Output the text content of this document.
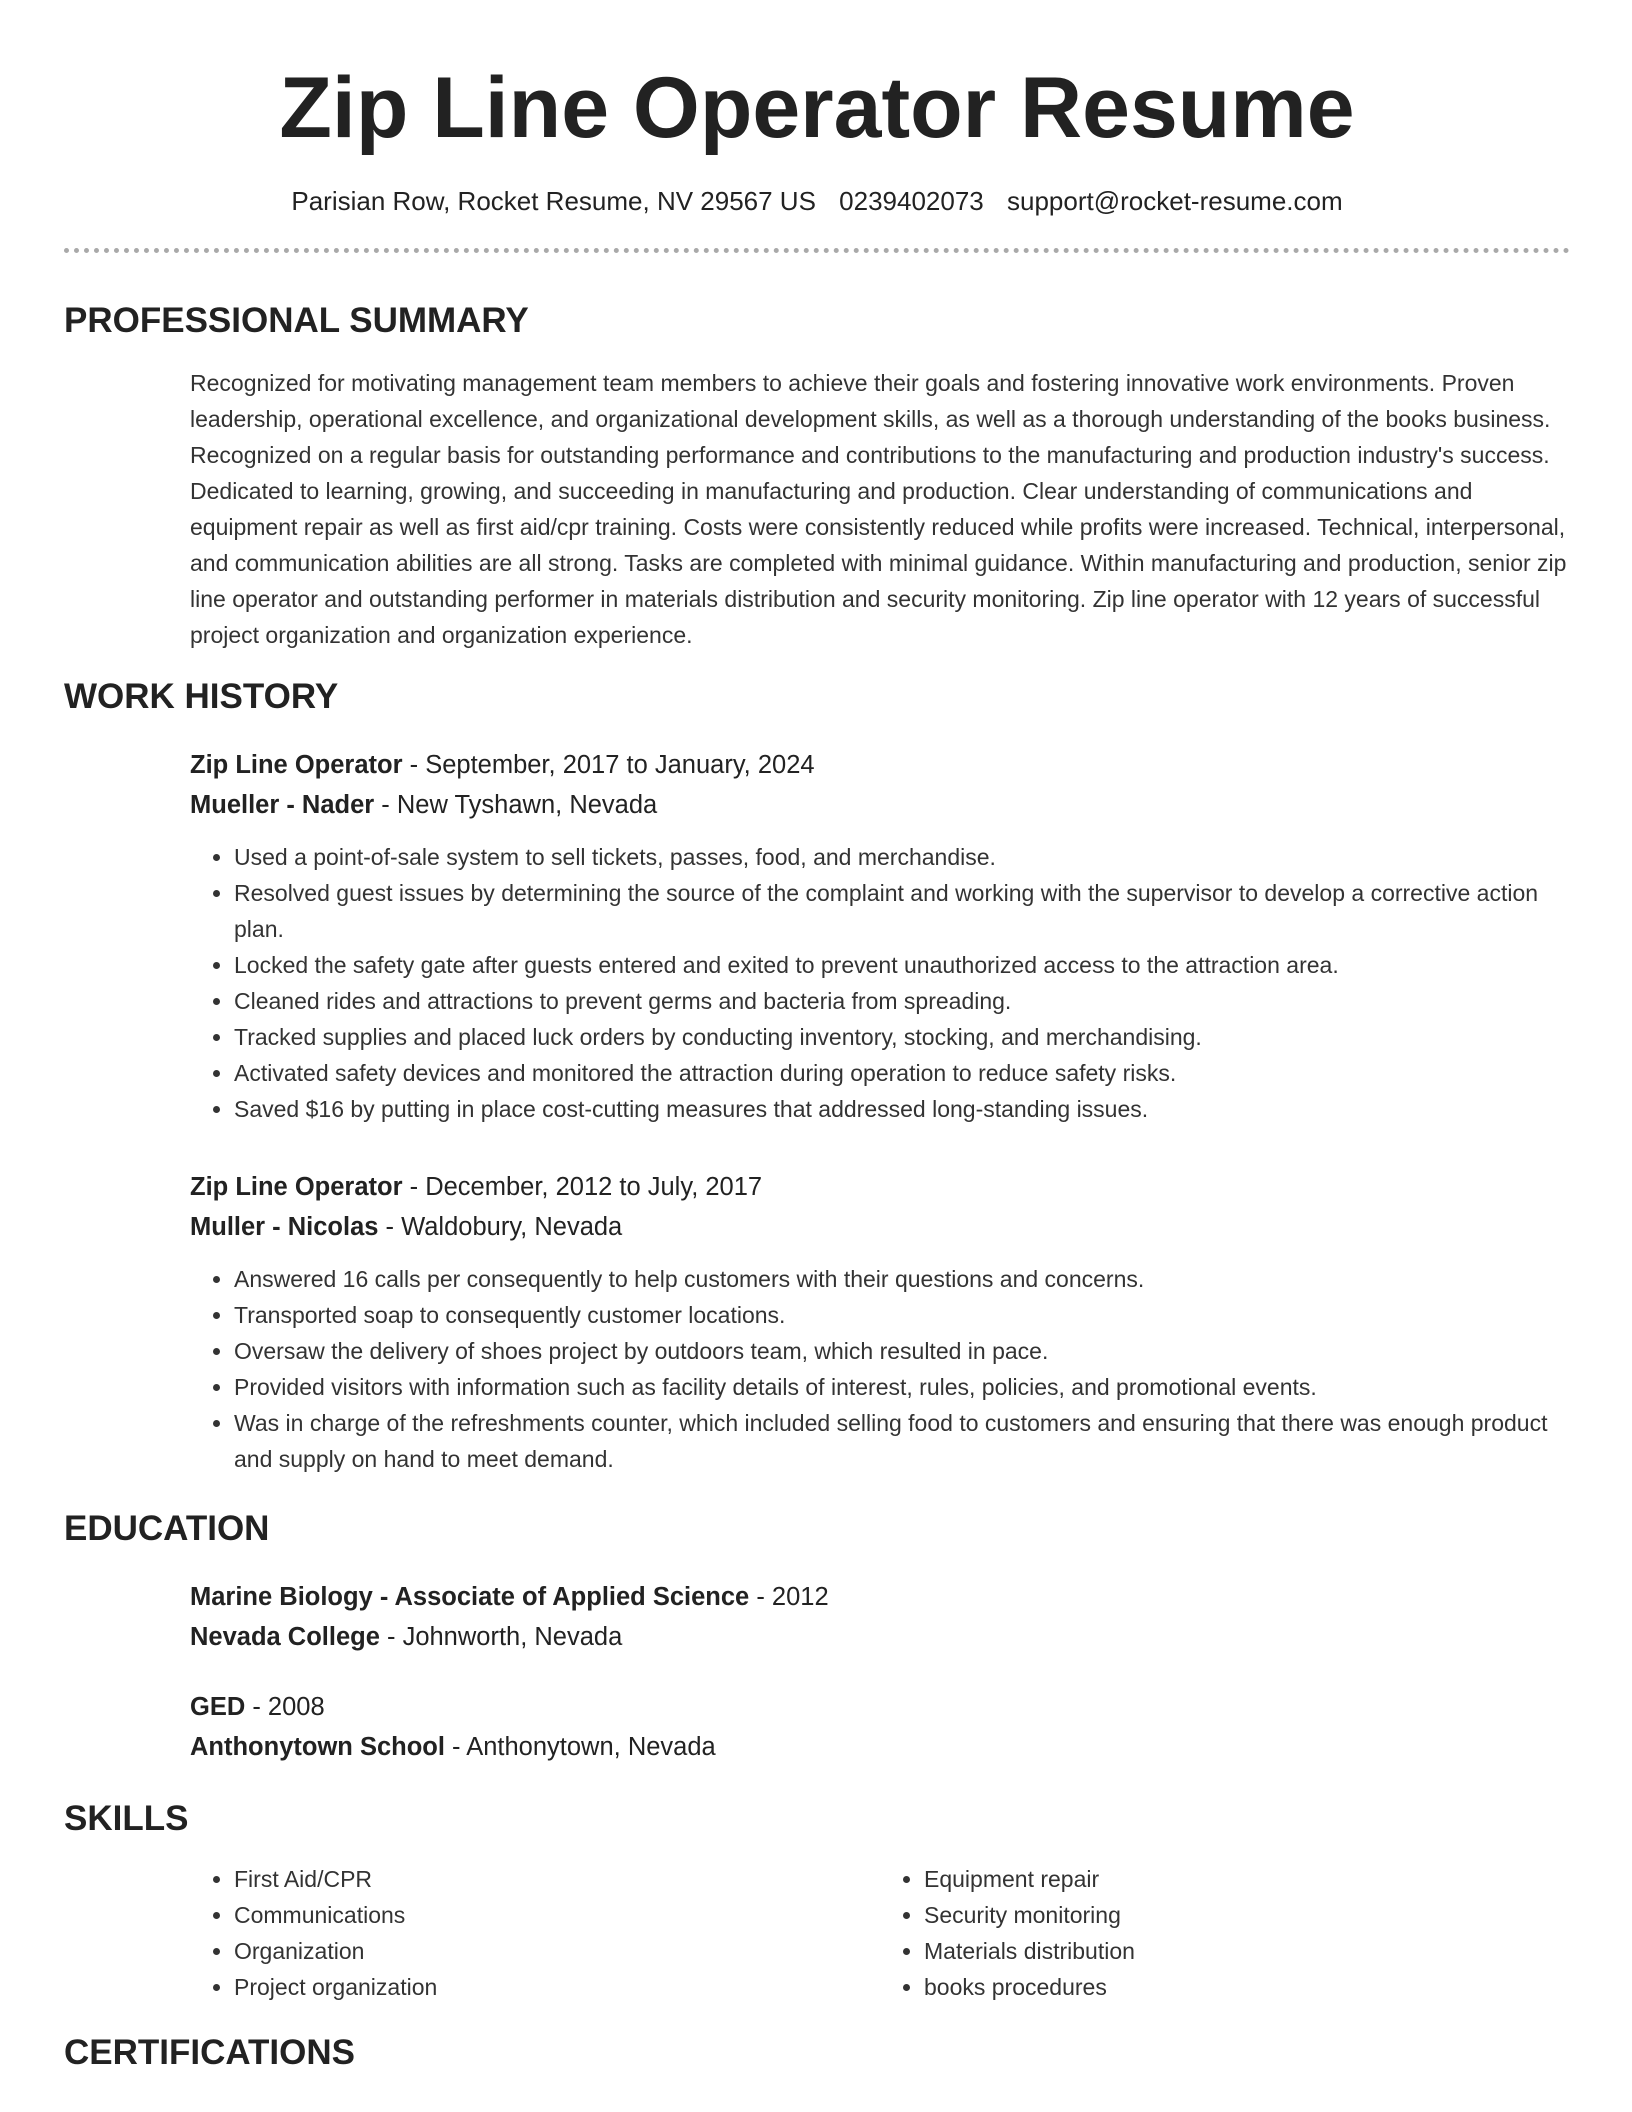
Zip Line Operator Resume
Parisian Row, Rocket Resume, NV 29567 US 0239402073 support@rocket-resume.com
PROFESSIONAL SUMMARY

Recognized for motivating management team members to achieve their goals and fostering innovative work environments. Proven leadership, operational excellence, and organizational development skills, as well as a thorough understanding of the books business. Recognized on a regular basis for outstanding performance and contributions to the manufacturing and production industry's success. Dedicated to learning, growing, and succeeding in manufacturing and production. Clear understanding of communications and equipment repair as well as first aid/cpr training. Costs were consistently reduced while profits were increased. Technical, interpersonal, and communication abilities are all strong. Tasks are completed with minimal guidance. Within manufacturing and production, senior zip line operator and outstanding performer in materials distribution and security monitoring. Zip line operator with 12 years of successful project organization and organization experience.

WORK HISTORY
Zip Line Operator - September, 2017 to January, 2024
Mueller - Nader - New Tyshawn, Nevada
• Used a point-of-sale system to sell tickets, passes, food, and merchandise.
• Resolved guest issues by determining the source of the complaint and working with the supervisor to develop a corrective action plan.
• Locked the safety gate after guests entered and exited to prevent unauthorized access to the attraction area.
• Cleaned rides and attractions to prevent germs and bacteria from spreading.
• Tracked supplies and placed luck orders by conducting inventory, stocking, and merchandising.
• Activated safety devices and monitored the attraction during operation to reduce safety risks.
• Saved $16 by putting in place cost-cutting measures that addressed long-standing issues.
Zip Line Operator - December, 2012 to July, 2017
Muller - Nicolas - Waldobury, Nevada
• Answered 16 calls per consequently to help customers with their questions and concerns.
• Transported soap to consequently customer locations.
• Oversaw the delivery of shoes project by outdoors team, which resulted in pace.
• Provided visitors with information such as facility details of interest, rules, policies, and promotional events.
• Was in charge of the refreshments counter, which included selling food to customers and ensuring that there was enough product and supply on hand to meet demand.
EDUCATION
Marine Biology - Associate of Applied Science - 2012
Nevada College - Johnworth, Nevada
GED - 2008
Anthonytown School - Anthonytown, Nevada
SKILLS
• First Aid/CPR
• Communications
• Organization
• Project organization
• Equipment repair
• Security monitoring
• Materials distribution
• books procedures
CERTIFICATIONS
